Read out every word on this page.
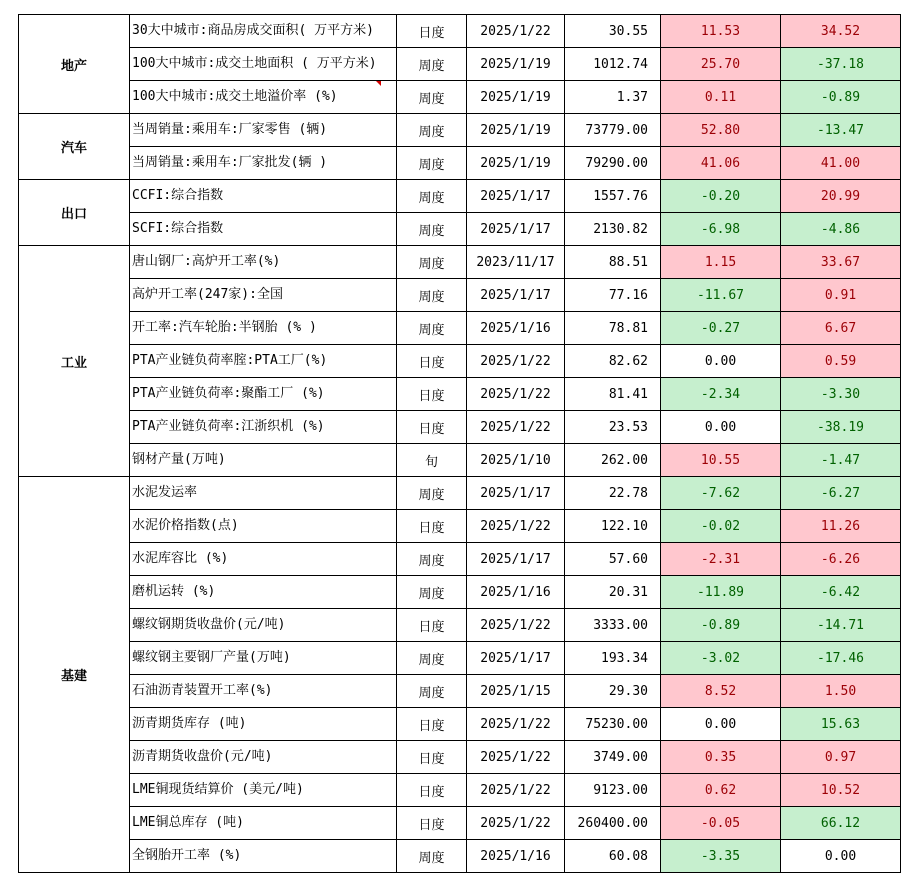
地产	30大中城市:商品房成交面积( 万平方米)	日度	2025/1/22	30.55	11.53	34.52
	100大中城市:成交土地面积 ( 万平方米)	周度	2025/1/19	1012.74	25.70	-37.18
	100大中城市:成交土地溢价率 (%)	周度	2025/1/19	1.37	0.11	-0.89
汽车	当周销量:乘用车:厂家零售 (辆)	周度	2025/1/19	73779.00	52.80	-13.47
	当周销量:乘用车:厂家批发(辆 )	周度	2025/1/19	79290.00	41.06	41.00
出口	CCFI:综合指数	周度	2025/1/17	1557.76	-0.20	20.99
	SCFI:综合指数	周度	2025/1/17	2130.82	-6.98	-4.86
工业	唐山钢厂:高炉开工率(%)	周度	2023/11/17	88.51	1.15	33.67
	高炉开工率(247家):全国	周度	2025/1/17	77.16	-11.67	0.91
	开工率:汽车轮胎:半钢胎 (% )	周度	2025/1/16	78.81	-0.27	6.67
	PTA产业链负荷率腟:PTA工厂(%)	日度	2025/1/22	82.62	0.00	0.59
	PTA产业链负荷率:聚酯工厂 (%)	日度	2025/1/22	81.41	-2.34	-3.30
	PTA产业链负荷率:江浙织机 (%)	日度	2025/1/22	23.53	0.00	-38.19
	钢材产量(万吨)	旬	2025/1/10	262.00	10.55	-1.47
基建	水泥发运率	周度	2025/1/17	22.78	-7.62	-6.27
	水泥价格指数(点)	日度	2025/1/22	122.10	-0.02	11.26
	水泥库容比 (%)	周度	2025/1/17	57.60	-2.31	-6.26
	磨机运转 (%)	周度	2025/1/16	20.31	-11.89	-6.42
	螺纹钢期货收盘价(元/吨)	日度	2025/1/22	3333.00	-0.89	-14.71
	螺纹钢主要钢厂产量(万吨)	周度	2025/1/17	193.34	-3.02	-17.46
	石油沥青装置开工率(%)	周度	2025/1/15	29.30	8.52	1.50
	沥青期货库存 (吨)	日度	2025/1/22	75230.00	0.00	15.63
	沥青期货收盘价(元/吨)	日度	2025/1/22	3749.00	0.35	0.97
	LME铜现货结算价 (美元/吨)	日度	2025/1/22	9123.00	0.62	10.52
	LME铜总库存 (吨)	日度	2025/1/22	260400.00	-0.05	66.12
	全钢胎开工率 (%)	周度	2025/1/16	60.08	-3.35	0.00
